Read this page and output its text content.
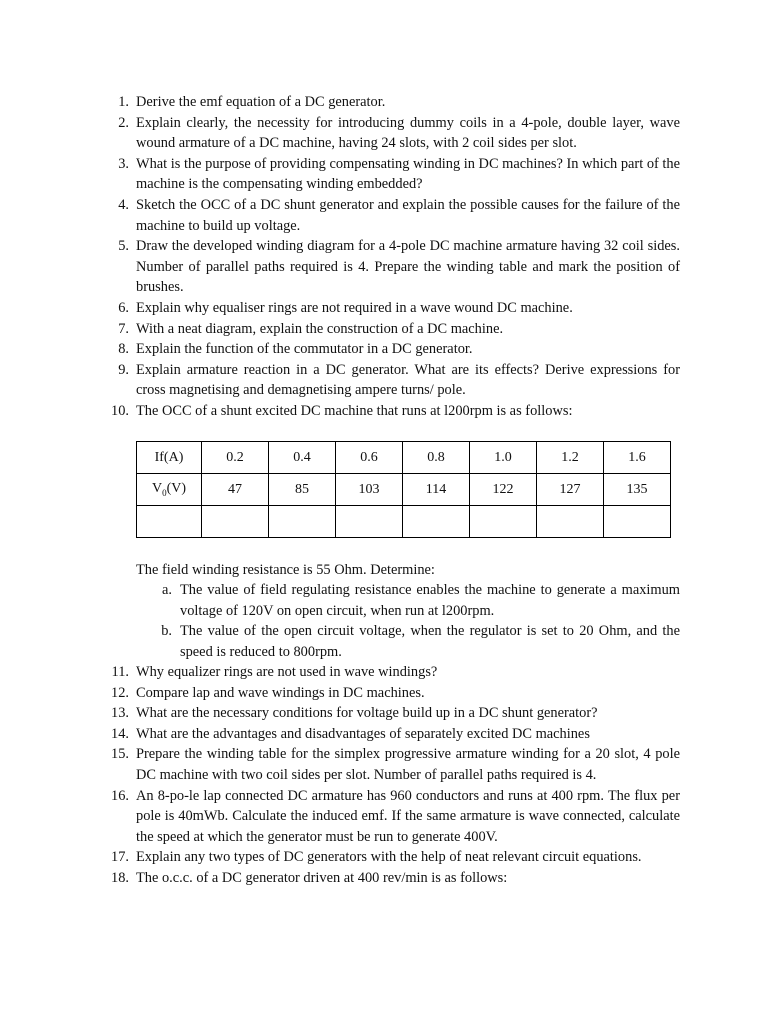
1. Derive the emf equation of a DC generator.
2. Explain clearly, the necessity for introducing dummy coils in a 4-pole, double layer, wave wound armature of a DC machine, having 24 slots, with 2 coil sides per slot.
3. What is the purpose of providing compensating winding in DC machines? In which part of the machine is the compensating winding embedded?
4. Sketch the OCC of a DC shunt generator and explain the possible causes for the failure of the machine to build up voltage.
5. Draw the developed winding diagram for a 4-pole DC machine armature having 32 coil sides. Number of parallel paths required is 4. Prepare the winding table and mark the position of brushes.
6. Explain why equaliser rings are not required in a wave wound DC machine.
7. With a neat diagram, explain the construction of a DC machine.
8. Explain the function of the commutator in a DC generator.
9. Explain armature reaction in a DC generator. What are its effects? Derive expressions for cross magnetising and demagnetising ampere turns/ pole.
10. The OCC of a shunt excited DC machine that runs at l200rpm is as follows:
If(A)	0.2	0.4	0.6	0.8	1.0	1.2	1.6
$V_0(V)$	47	85	103	114	122	127	135

The field winding resistance is 55 Ohm. Determine:
a. The value of field regulating resistance enables the machine to generate a maximum voltage of 120V on open circuit, when run at l200rpm.
b. The value of the open circuit voltage, when the regulator is set to 20 Ohm, and the speed is reduced to 800rpm.
11. Why equalizer rings are not used in wave windings?
12. Compare lap and wave windings in DC machines.
13. What are the necessary conditions for voltage build up in a DC shunt generator?
14. What are the advantages and disadvantages of separately excited DC machines
15. Prepare the winding table for the simplex progressive armature winding for a 20 slot, 4 pole DC machine with two coil sides per slot. Number of parallel paths required is 4.
16. An 8-po-le lap connected DC armature has 960 conductors and runs at 400 rpm. The flux per pole is 40mWb. Calculate the induced emf. If the same armature is wave connected, calculate the speed at which the generator must be run to generate 400V.
17. Explain any two types of DC generators with the help of neat relevant circuit equations.
18. The o.c.c. of a DC generator driven at 400 rev/min is as follows:
